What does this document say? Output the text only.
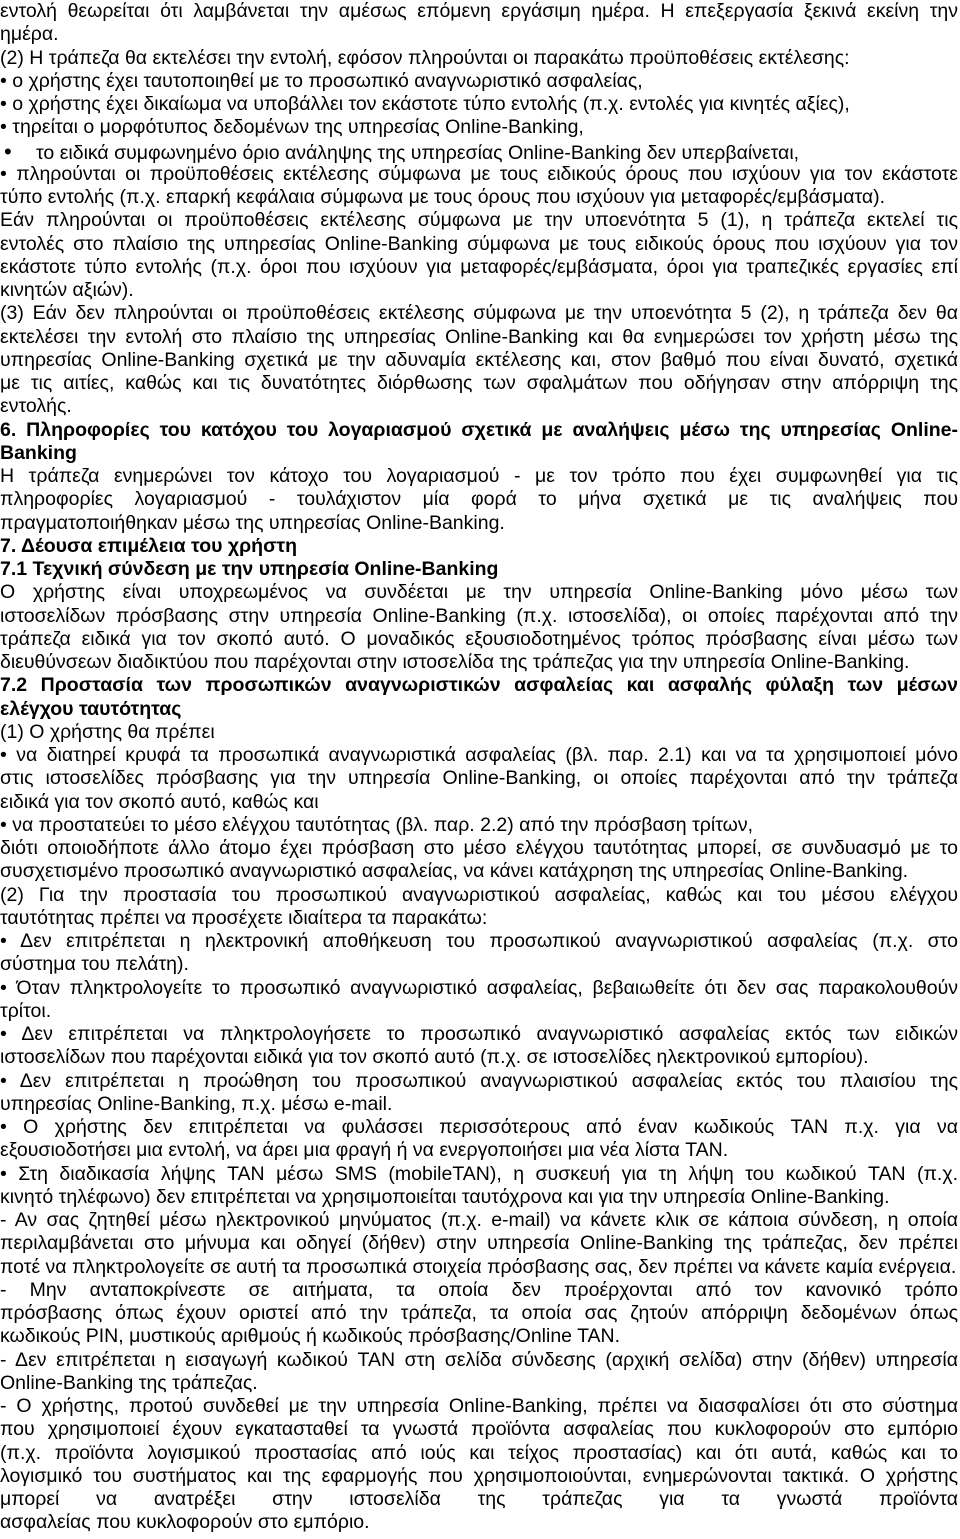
εντολή θεωρείται ότι λαμβάνεται την αμέσως επόμενη εργάσιμη ημέρα. Η επεξεργασία ξεκινά εκείνη την
ημέρα.
(2) Η τράπεζα θα εκτελέσει την εντολή, εφόσον πληρούνται οι παρακάτω προϋποθέσεις εκτέλεσης:
• ο χρήστης έχει ταυτοποιηθεί με το προσωπικό αναγνωριστικό ασφαλείας,
• ο χρήστης έχει δικαίωμα να υποβάλλει τον εκάστοτε τύπο εντολής (π.χ. εντολές για κινητές αξίες),
• τηρείται ο μορφότυπος δεδομένων της υπηρεσίας Online-Banking,
•	το ειδικά συμφωνημένο όριο ανάληψης της υπηρεσίας Online-Banking δεν υπερβαίνεται,
• πληρούνται οι προϋποθέσεις εκτέλεσης σύμφωνα με τους ειδικούς όρους που ισχύουν για τον εκάστοτε
τύπο εντολής (π.χ. επαρκή κεφάλαια σύμφωνα με τους όρους που ισχύουν για μεταφορές/εμβάσματα).
Εάν πληρούνται οι προϋποθέσεις εκτέλεσης σύμφωνα με την υποενότητα 5 (1), η τράπεζα εκτελεί τις
εντολές στο πλαίσιο της υπηρεσίας Online-Banking σύμφωνα με τους ειδικούς όρους που ισχύουν για τον
εκάστοτε τύπο εντολής (π.χ. όροι που ισχύουν για μεταφορές/εμβάσματα, όροι για τραπεζικές εργασίες επί
κινητών αξιών).
(3) Εάν δεν πληρούνται οι προϋποθέσεις εκτέλεσης σύμφωνα με την υποενότητα 5 (2), η τράπεζα δεν θα
εκτελέσει την εντολή στο πλαίσιο της υπηρεσίας Online-Banking και θα ενημερώσει τον χρήστη μέσω της
υπηρεσίας Online-Banking σχετικά με την αδυναμία εκτέλεσης και, στον βαθμό που είναι δυνατό, σχετικά
με τις αιτίες, καθώς και τις δυνατότητες διόρθωσης των σφαλμάτων που οδήγησαν στην απόρριψη της
εντολής.
6. Πληροφορίες του κατόχου του λογαριασμού σχετικά με αναλήψεις μέσω της υπηρεσίας Online-
Banking
Η τράπεζα ενημερώνει τον κάτοχο του λογαριασμού - με τον τρόπο που έχει συμφωνηθεί για τις
πληροφορίες λογαριασμού - τουλάχιστον μία φορά το μήνα σχετικά με τις αναλήψεις που
πραγματοποιήθηκαν μέσω της υπηρεσίας Online-Banking.
7. Δέουσα επιμέλεια του χρήστη
7.1 Τεχνική σύνδεση με την υπηρεσία Online-Banking
Ο χρήστης είναι υποχρεωμένος να συνδέεται με την υπηρεσία Online-Banking μόνο μέσω των
ιστοσελίδων πρόσβασης στην υπηρεσία Online-Banking (π.χ. ιστοσελίδα), οι οποίες παρέχονται από την
τράπεζα ειδικά για τον σκοπό αυτό. Ο μοναδικός εξουσιοδοτημένος τρόπος πρόσβασης είναι μέσω των
διευθύνσεων διαδικτύου που παρέχονται στην ιστοσελίδα της τράπεζας για την υπηρεσία Online-Banking.
7.2 Προστασία των προσωπικών αναγνωριστικών ασφαλείας και ασφαλής φύλαξη των μέσων
ελέγχου ταυτότητας
(1) Ο χρήστης θα πρέπει
• να διατηρεί κρυφά τα προσωπικά αναγνωριστικά ασφαλείας (βλ. παρ. 2.1) και να τα χρησιμοποιεί μόνο
στις ιστοσελίδες πρόσβασης για την υπηρεσία Online-Banking, οι οποίες παρέχονται από την τράπεζα
ειδικά για τον σκοπό αυτό, καθώς και
• να προστατεύει το μέσο ελέγχου ταυτότητας (βλ. παρ. 2.2) από την πρόσβαση τρίτων,
διότι οποιοδήποτε άλλο άτομο έχει πρόσβαση στο μέσο ελέγχου ταυτότητας μπορεί, σε συνδυασμό με το
συσχετισμένο προσωπικό αναγνωριστικό ασφαλείας, να κάνει κατάχρηση της υπηρεσίας Online-Banking.
(2) Για την προστασία του προσωπικού αναγνωριστικού ασφαλείας, καθώς και του μέσου ελέγχου
ταυτότητας πρέπει να προσέχετε ιδιαίτερα τα παρακάτω:
• Δεν επιτρέπεται η ηλεκτρονική αποθήκευση του προσωπικού αναγνωριστικού ασφαλείας (π.χ. στο
σύστημα του πελάτη).
• Όταν πληκτρολογείτε το προσωπικό αναγνωριστικό ασφαλείας, βεβαιωθείτε ότι δεν σας παρακολουθούν
τρίτοι.
• Δεν επιτρέπεται να πληκτρολογήσετε το προσωπικό αναγνωριστικό ασφαλείας εκτός των ειδικών
ιστοσελίδων που παρέχονται ειδικά για τον σκοπό αυτό (π.χ. σε ιστοσελίδες ηλεκτρονικού εμπορίου).
• Δεν επιτρέπεται η προώθηση του προσωπικού αναγνωριστικού ασφαλείας εκτός του πλαισίου της
υπηρεσίας Online-Banking, π.χ. μέσω e-mail.
• Ο χρήστης δεν επιτρέπεται να φυλάσσει περισσότερους από έναν κωδικούς TAN π.χ. για να
εξουσιοδοτήσει μια εντολή, να άρει μια φραγή ή να ενεργοποιήσει μια νέα λίστα TAN.
• Στη διαδικασία λήψης TAN μέσω SMS (mobileTAN), η συσκευή για τη λήψη του κωδικού TAN (π.χ.
κινητό τηλέφωνο) δεν επιτρέπεται να χρησιμοποιείται ταυτόχρονα και για την υπηρεσία Online-Banking.
- Αν σας ζητηθεί μέσω ηλεκτρονικού μηνύματος (π.χ. e-mail) να κάνετε κλικ σε κάποια σύνδεση, η οποία
περιλαμβάνεται στο μήνυμα και οδηγεί (δήθεν) στην υπηρεσία Online-Banking της τράπεζας, δεν πρέπει
ποτέ να πληκτρολογείτε σε αυτή τα προσωπικά στοιχεία πρόσβασης σας, δεν πρέπει να κάνετε καμία ενέργεια.
- Μην ανταποκρίνεστε σε αιτήματα, τα οποία δεν προέρχονται από τον κανονικό τρόπο
πρόσβασης όπως έχουν οριστεί από την τράπεζα, τα οποία σας ζητούν απόρριψη δεδομένων όπως
κωδικούς PIN, μυστικούς αριθμούς ή κωδικούς πρόσβασης/Online TAN.
- Δεν επιτρέπεται η εισαγωγή κωδικού TAN στη σελίδα σύνδεσης (αρχική σελίδα) στην (δήθεν) υπηρεσία
Online-Banking της τράπεζας.
- Ο χρήστης, προτού συνδεθεί με την υπηρεσία Online-Banking, πρέπει να διασφαλίσει ότι στο σύστημα
που χρησιμοποιεί έχουν εγκατασταθεί τα γνωστά προϊόντα ασφαλείας που κυκλοφορούν στο εμπόριο
(π.χ. προϊόντα λογισμικού προστασίας από ιούς και τείχος προστασίας) και ότι αυτά, καθώς και το
λογισμικό του συστήματος και της εφαρμογής που χρησιμοποιούνται, ενημερώνονται τακτικά. Ο χρήστης
μπορεί να ανατρέξει στην ιστοσελίδα της τράπεζας για τα γνωστά προϊόντα
ασφαλείας που κυκλοφορούν στο εμπόριο.
